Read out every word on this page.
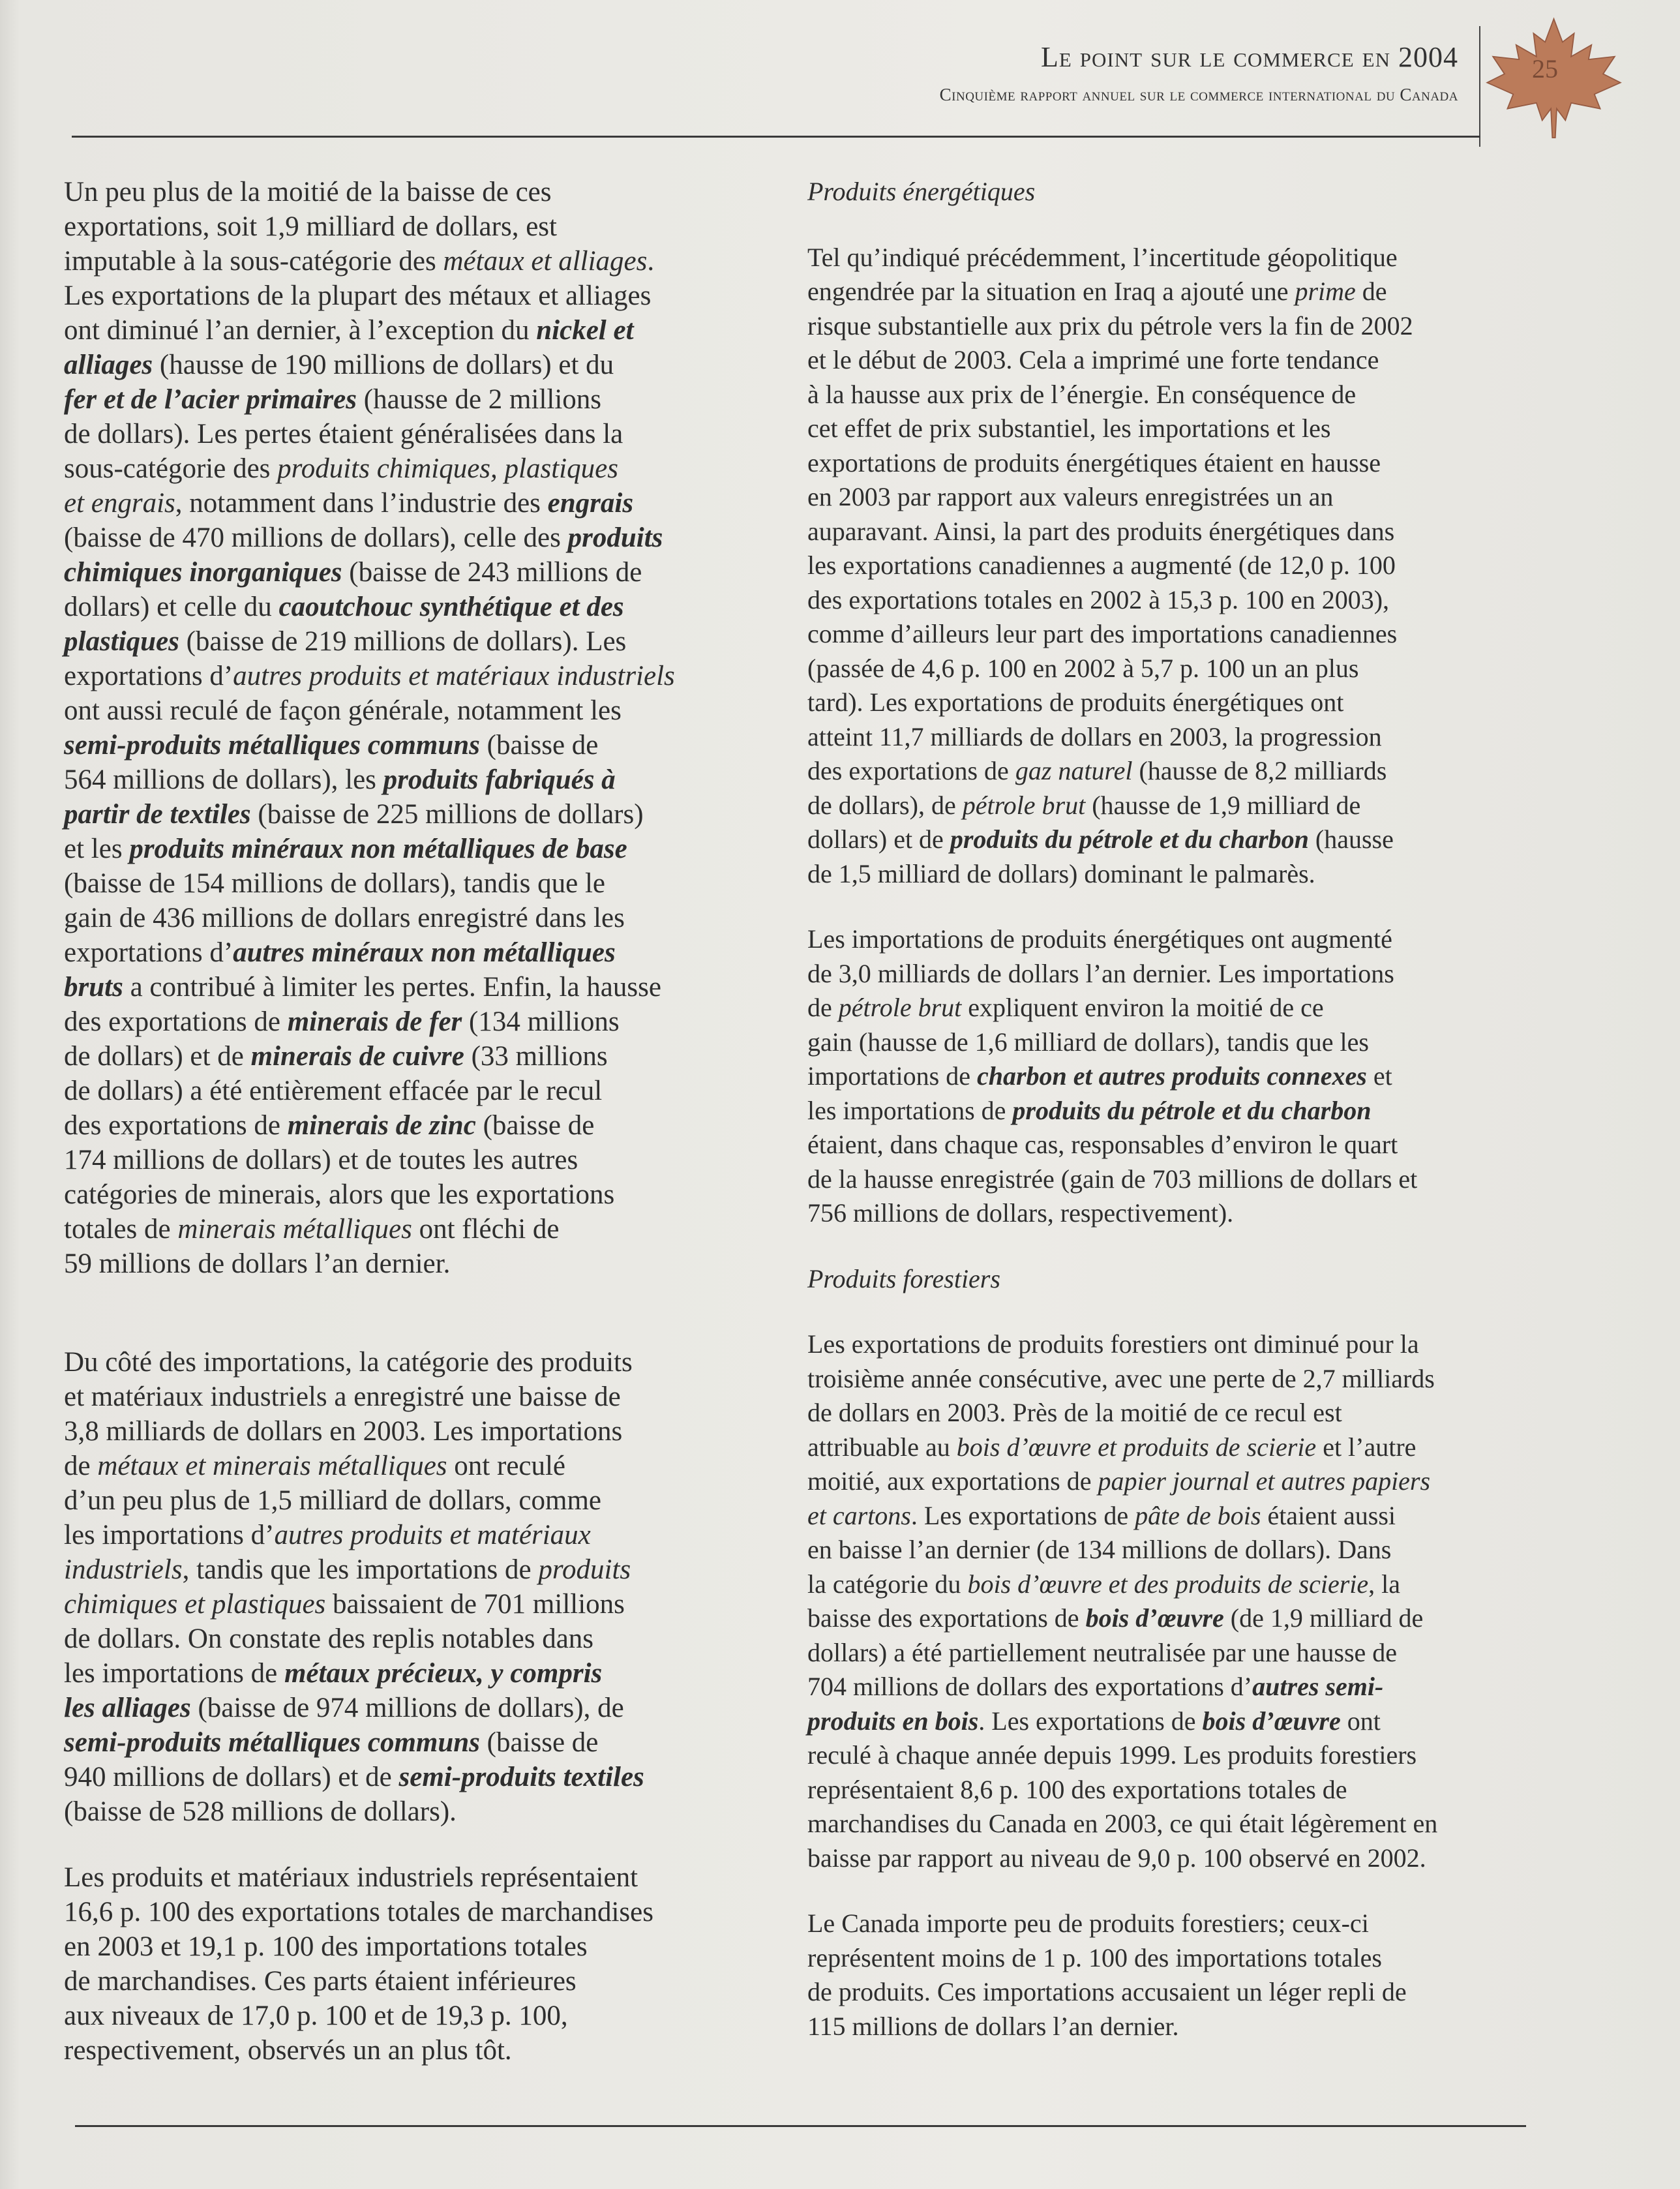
Le point sur le commerce en 2004
Cinquième rapport annuel sur le commerce international du Canada
25

Un peu plus de la moitié de la baisse de ces
exportations, soit 1,9 milliard de dollars, est
imputable à la sous-catégorie des métaux et alliages.
Les exportations de la plupart des métaux et alliages
ont diminué l’an dernier, à l’exception du nickel et
alliages (hausse de 190 millions de dollars) et du
fer et de l’acier primaires (hausse de 2 millions
de dollars). Les pertes étaient généralisées dans la
sous-catégorie des produits chimiques, plastiques
et engrais, notamment dans l’industrie des engrais
(baisse de 470 millions de dollars), celle des produits
chimiques inorganiques (baisse de 243 millions de
dollars) et celle du caoutchouc synthétique et des
plastiques (baisse de 219 millions de dollars). Les
exportations d’autres produits et matériaux industriels
ont aussi reculé de façon générale, notamment les
semi-produits métalliques communs (baisse de
564 millions de dollars), les produits fabriqués à
partir de textiles (baisse de 225 millions de dollars)
et les produits minéraux non métalliques de base
(baisse de 154 millions de dollars), tandis que le
gain de 436 millions de dollars enregistré dans les
exportations d’autres minéraux non métalliques
bruts a contribué à limiter les pertes. Enfin, la hausse
des exportations de minerais de fer (134 millions
de dollars) et de minerais de cuivre (33 millions
de dollars) a été entièrement effacée par le recul
des exportations de minerais de zinc (baisse de
174 millions de dollars) et de toutes les autres
catégories de minerais, alors que les exportations
totales de minerais métalliques ont fléchi de
59 millions de dollars l’an dernier.

Du côté des importations, la catégorie des produits
et matériaux industriels a enregistré une baisse de
3,8 milliards de dollars en 2003. Les importations
de métaux et minerais métalliques ont reculé
d’un peu plus de 1,5 milliard de dollars, comme
les importations d’autres produits et matériaux
industriels, tandis que les importations de produits
chimiques et plastiques baissaient de 701 millions
de dollars. On constate des replis notables dans
les importations de métaux précieux, y compris
les alliages (baisse de 974 millions de dollars), de
semi-produits métalliques communs (baisse de
940 millions de dollars) et de semi-produits textiles
(baisse de 528 millions de dollars).

Les produits et matériaux industriels représentaient
16,6 p. 100 des exportations totales de marchandises
en 2003 et 19,1 p. 100 des importations totales
de marchandises. Ces parts étaient inférieures
aux niveaux de 17,0 p. 100 et de 19,3 p. 100,
respectivement, observés un an plus tôt.

Produits énergétiques

Tel qu’indiqué précédemment, l’incertitude géopolitique
engendrée par la situation en Iraq a ajouté une prime de
risque substantielle aux prix du pétrole vers la fin de 2002
et le début de 2003. Cela a imprimé une forte tendance
à la hausse aux prix de l’énergie. En conséquence de
cet effet de prix substantiel, les importations et les
exportations de produits énergétiques étaient en hausse
en 2003 par rapport aux valeurs enregistrées un an
auparavant. Ainsi, la part des produits énergétiques dans
les exportations canadiennes a augmenté (de 12,0 p. 100
des exportations totales en 2002 à 15,3 p. 100 en 2003),
comme d’ailleurs leur part des importations canadiennes
(passée de 4,6 p. 100 en 2002 à 5,7 p. 100 un an plus
tard). Les exportations de produits énergétiques ont
atteint 11,7 milliards de dollars en 2003, la progression
des exportations de gaz naturel (hausse de 8,2 milliards
de dollars), de pétrole brut (hausse de 1,9 milliard de
dollars) et de produits du pétrole et du charbon (hausse
de 1,5 milliard de dollars) dominant le palmarès.

Les importations de produits énergétiques ont augmenté
de 3,0 milliards de dollars l’an dernier. Les importations
de pétrole brut expliquent environ la moitié de ce
gain (hausse de 1,6 milliard de dollars), tandis que les
importations de charbon et autres produits connexes et
les importations de produits du pétrole et du charbon
étaient, dans chaque cas, responsables d’environ le quart
de la hausse enregistrée (gain de 703 millions de dollars et
756 millions de dollars, respectivement).

Produits forestiers

Les exportations de produits forestiers ont diminué pour la
troisième année consécutive, avec une perte de 2,7 milliards
de dollars en 2003. Près de la moitié de ce recul est
attribuable au bois d’œuvre et produits de scierie et l’autre
moitié, aux exportations de papier journal et autres papiers
et cartons. Les exportations de pâte de bois étaient aussi
en baisse l’an dernier (de 134 millions de dollars). Dans
la catégorie du bois d’œuvre et des produits de scierie, la
baisse des exportations de bois d’œuvre (de 1,9 milliard de
dollars) a été partiellement neutralisée par une hausse de
704 millions de dollars des exportations d’autres semi-
produits en bois. Les exportations de bois d’œuvre ont
reculé à chaque année depuis 1999. Les produits forestiers
représentaient 8,6 p. 100 des exportations totales de
marchandises du Canada en 2003, ce qui était légèrement en
baisse par rapport au niveau de 9,0 p. 100 observé en 2002.

Le Canada importe peu de produits forestiers; ceux-ci
représentent moins de 1 p. 100 des importations totales
de produits. Ces importations accusaient un léger repli de
115 millions de dollars l’an dernier.
